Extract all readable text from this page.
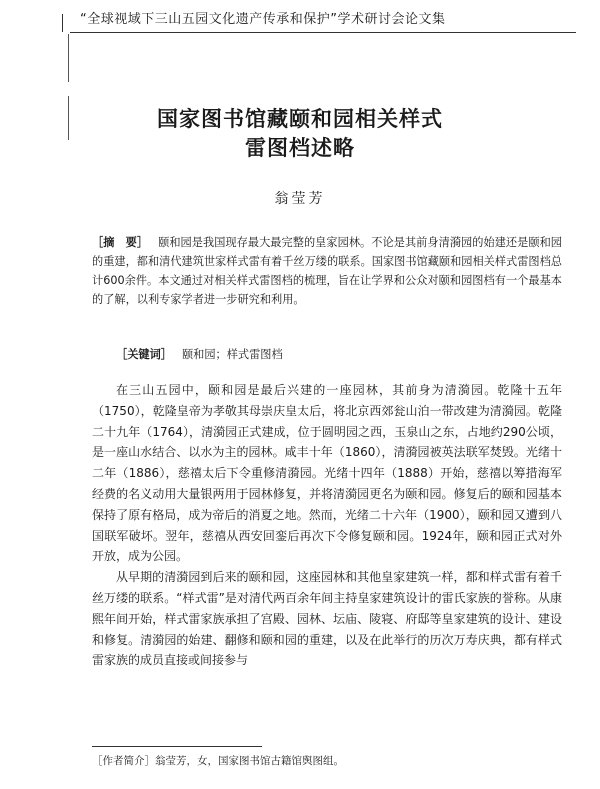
“全球视域下三山五园文化遗产传承和保护”学术研讨会论文集
国家图书馆藏颐和园相关样式
雷图档述略
翁莹芳
［摘　要］ 颐和园是我国现存最大最完整的皇家园林。不论是其前身清漪园的始建还是颐和园的重建，都和清代建筑世家样式雷有着千丝万缕的联系。国家图书馆藏颐和园相关样式雷图档总计600余件。本文通过对相关样式雷图档的梳理，旨在让学界和公众对颐和园图档有一个最基本的了解，以利专家学者进一步研究和利用。
［关键词］ 颐和园；样式雷图档

在三山五园中，颐和园是最后兴建的一座园林，其前身为清漪园。乾隆十五年（1750），乾隆皇帝为孝敬其母崇庆皇太后，将北京西郊瓮山泊一带改建为清漪园。乾隆二十九年（1764），清漪园正式建成，位于圆明园之西，玉泉山之东，占地约290公顷，是一座山水结合、以水为主的园林。咸丰十年（1860），清漪园被英法联军焚毁。光绪十二年（1886），慈禧太后下令重修清漪园。光绪十四年（1888）开始，慈禧以筹措海军经费的名义动用大量银两用于园林修复，并将清漪园更名为颐和园。修复后的颐和园基本保持了原有格局，成为帝后的消夏之地。然而，光绪二十六年（1900），颐和园又遭到八国联军破坏。翌年，慈禧从西安回銮后再次下令修复颐和园。1924年，颐和园正式对外开放，成为公园。

从早期的清漪园到后来的颐和园，这座园林和其他皇家建筑一样，都和样式雷有着千丝万缕的联系。“样式雷”是对清代两百余年间主持皇家建筑设计的雷氏家族的誉称。从康熙年间开始，样式雷家族承担了宫殿、园林、坛庙、陵寝、府邸等皇家建筑的设计、建设和修复。清漪园的始建、翻修和颐和园的重建，以及在此举行的历次万寿庆典，都有样式雷家族的成员直接或间接参与

［作者简介］翁莹芳，女，国家图书馆古籍馆舆图组。
